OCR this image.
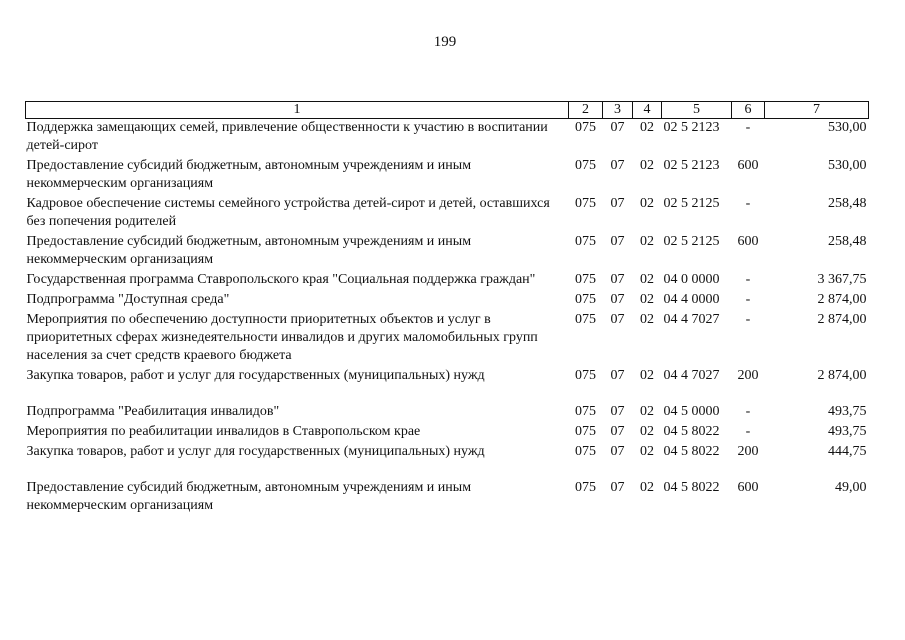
199
1	2	3	4	5	6	7
Поддержка замещающих семей, привлечение общественности к участию в воспитании детей-сирот	075	07	02	02 5 2123	-	530,00
Предоставление субсидий бюджетным, автономным учреждениям и иным некоммерческим организациям	075	07	02	02 5 2123	600	530,00
Кадровое обеспечение системы семейного устройства детей-сирот и детей, оставшихся без попечения родителей	075	07	02	02 5 2125	-	258,48
Предоставление субсидий бюджетным, автономным учреждениям и иным некоммерческим организациям	075	07	02	02 5 2125	600	258,48
Государственная программа Ставропольского края "Социальная поддержка граждан"	075	07	02	04 0 0000	-	3 367,75
Подпрограмма "Доступная среда"	075	07	02	04 4 0000	-	2 874,00
Мероприятия по обеспечению доступности приоритетных объектов и услуг в приоритетных сферах жизнедеятельности инвалидов и других маломобильных групп населения за счет средств краевого бюджета	075	07	02	04 4 7027	-	2 874,00
Закупка товаров, работ и услуг для государственных (муниципальных) нужд	075	07	02	04 4 7027	200	2 874,00
Подпрограмма "Реабилитация инвалидов"	075	07	02	04 5 0000	-	493,75
Мероприятия по реабилитации инвалидов в Ставропольском крае	075	07	02	04 5 8022	-	493,75
Закупка товаров, работ и услуг для государственных (муниципальных) нужд	075	07	02	04 5 8022	200	444,75
Предоставление субсидий бюджетным, автономным учреждениям и иным некоммерческим организациям	075	07	02	04 5 8022	600	49,00
